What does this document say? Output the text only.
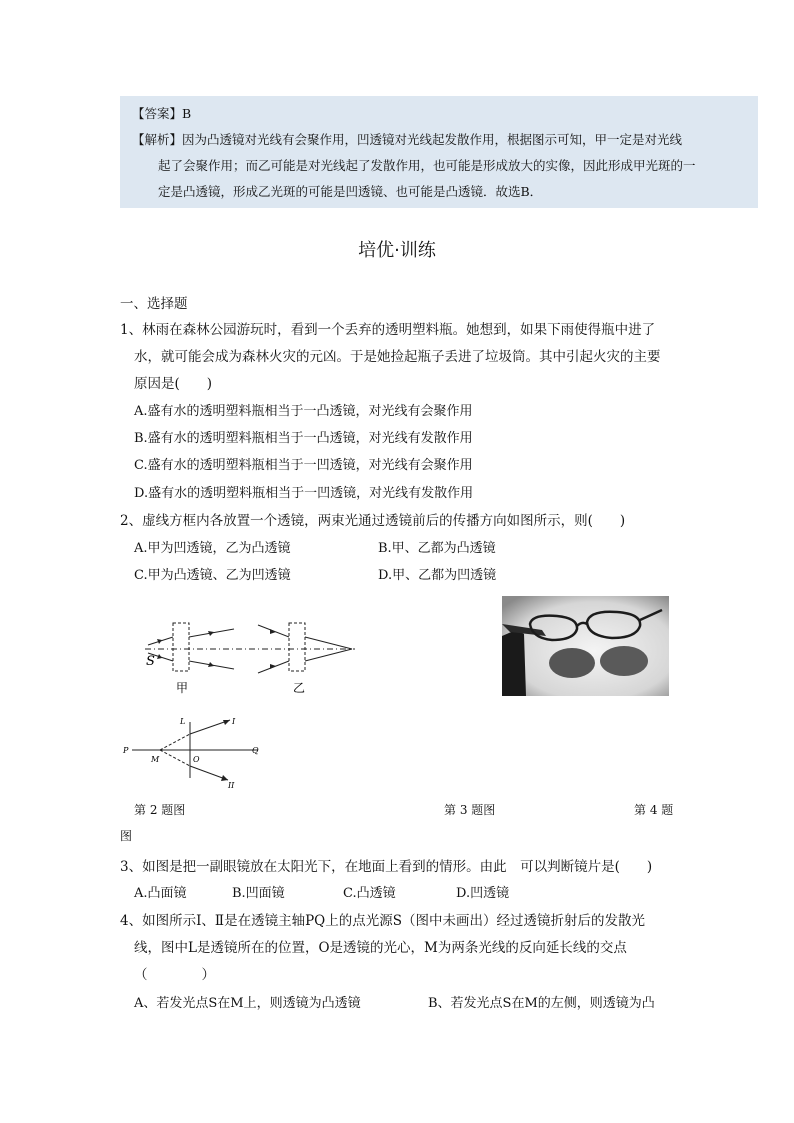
【答案】B

【解析】因为凸透镜对光线有会聚作用，凹透镜对光线起发散作用，根据图示可知，甲一定是对光线

起了会聚作用；而乙可能是对光线起了发散作用，也可能是形成放大的实像，因此形成甲光斑的一

定是凸透镜，形成乙光斑的可能是凹透镜、也可能是凸透镜．故选B．

培优·训练
一、选择题
1、林雨在森林公园游玩时，看到一个丢弃的透明塑料瓶。她想到，如果下雨使得瓶中进了
水，就可能会成为森林火灾的元凶。于是她捡起瓶子丢进了垃圾筒。其中引起火灾的主要
原因是(　　)
A.盛有水的透明塑料瓶相当于一凸透镜，对光线有会聚作用
B.盛有水的透明塑料瓶相当于一凸透镜，对光线有发散作用
C.盛有水的透明塑料瓶相当于一凹透镜，对光线有会聚作用
D.盛有水的透明塑料瓶相当于一凹透镜，对光线有发散作用
2、虚线方框内各放置一个透镜，两束光通过透镜前后的传播方向如图所示，则(　　)
A.甲为凹透镜，乙为凸透镜	B.甲、乙都为凸透镜
C.甲为凸透镜、乙为凹透镜	D.甲、乙都为凹透镜
S
甲	乙
L	I
P
M	O
Q
II
第 2 题图	第 3 题图	第 4 题
图
3、如图是把一副眼镜放在太阳光下，在地面上看到的情形。由此　可以判断镜片是(　　)
A.凸面镜	B.凹面镜	C.凸透镜	D.凹透镜
4、如图所示Ⅰ、Ⅱ是在透镜主轴PQ上的点光源S（图中未画出）经过透镜折射后的发散光
线，图中L是透镜所在的位置，O是透镜的光心，M为两条光线的反向延长线的交点
（　　　　）
A、若发光点S在M上，则透镜为凸透镜	B、若发光点S在M的左侧，则透镜为凸
